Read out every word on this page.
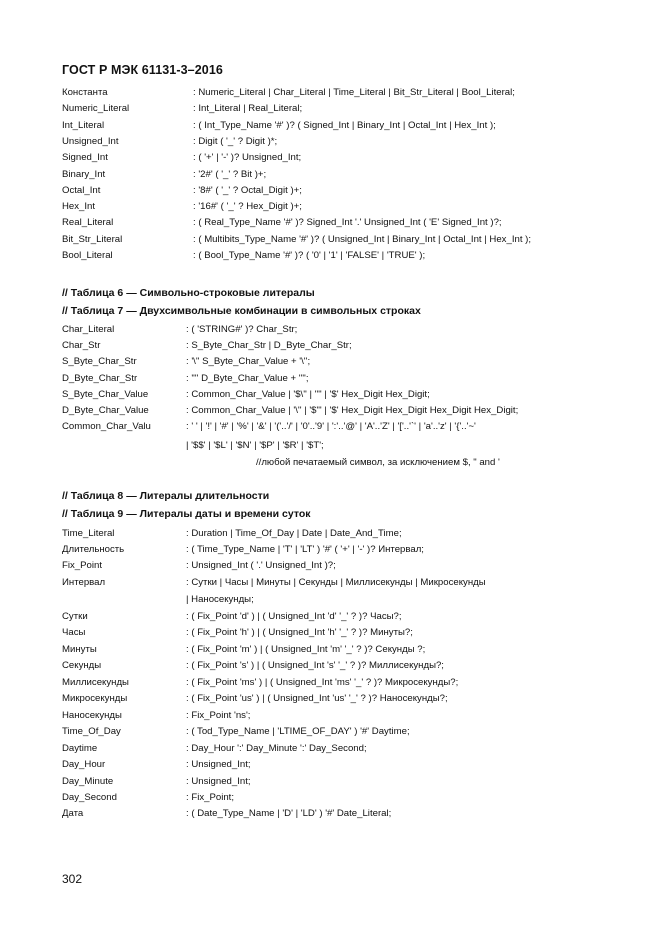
ГОСТ Р МЭК 61131-3–2016
Константа	: Numeric_Literal | Char_Literal | Time_Literal | Bit_Str_Literal | Bool_Literal;
Numeric_Literal	: Int_Literal | Real_Literal;
Int_Literal	: ( Int_Type_Name '#' )? ( Signed_Int | Binary_Int | Octal_Int | Hex_Int );
Unsigned_Int	: Digit ( '_' ? Digit )*;
Signed_Int	: ( '+' | '-' )? Unsigned_Int;
Binary_Int	: '2#' ( '_' ? Bit )+;
Octal_Int	: '8#' ( '_' ? Octal_Digit )+;
Hex_Int	: '16#' ( '_' ? Hex_Digit )+;
Real_Literal	: ( Real_Type_Name '#' )? Signed_Int '.' Unsigned_Int ( 'E' Signed_Int )?;
Bit_Str_Literal	: ( Multibits_Type_Name '#' )? ( Unsigned_Int | Binary_Int | Octal_Int | Hex_Int );
Bool_Literal	: ( Bool_Type_Name '#' )? ( '0' | '1' | 'FALSE' | 'TRUE' );
// Таблица 6 — Символьно-строковые литералы
// Таблица 7 — Двухсимвольные комбинации в символьных строках
Char_Literal	: ( 'STRING#' )? Char_Str;
Char_Str	: S_Byte_Char_Str | D_Byte_Char_Str;
S_Byte_Char_Str	: '\'' S_Byte_Char_Value + '\'';
D_Byte_Char_Str	: '"' D_Byte_Char_Value + '"';
S_Byte_Char_Value	: Common_Char_Value | '$\'' | '"' | '$' Hex_Digit Hex_Digit;
D_Byte_Char_Value	: Common_Char_Value | '\'' | '$"' | '$' Hex_Digit Hex_Digit Hex_Digit Hex_Digit;
Common_Char_Valu	: ' ' | '!' | '#' | '%' | '&' | '('..'/' | '0'..'9' | ':'..'@' | 'A'..'Z' | '['..'`' | 'a'..'z' | '{'..'~'
| '$$' | '$L' | '$N' | '$P' | '$R' | '$T';
//любой печатаемый символ, за исключением $, " and '
// Таблица 8 — Литералы длительности
// Таблица 9 — Литералы даты и времени суток
Time_Literal	: Duration | Time_Of_Day | Date | Date_And_Time;
Длительность	: ( Time_Type_Name | 'T' | 'LT' ) '#' ( '+' | '-' )? Интервал;
Fix_Point	: Unsigned_Int ( '.' Unsigned_Int )?;
Интервал	: Сутки | Часы | Минуты | Секунды | Миллисекунды | Микросекунды
| Наносекунды;
Сутки	: ( Fix_Point 'd' ) | ( Unsigned_Int 'd' '_' ? )? Часы?;
Часы	: ( Fix_Point 'h' ) | ( Unsigned_Int 'h' '_' ? )? Минуты?;
Минуты	: ( Fix_Point 'm' ) | ( Unsigned_Int 'm' '_' ? )? Секунды ?;
Секунды	: ( Fix_Point 's' ) | ( Unsigned_Int 's' '_' ? )? Миллисекунды?;
Миллисекунды	: ( Fix_Point 'ms' ) | ( Unsigned_Int 'ms' '_' ? )? Микросекунды?;
Микросекунды	: ( Fix_Point 'us' ) | ( Unsigned_Int 'us' '_' ? )? Наносекунды?;
Наносекунды	: Fix_Point 'ns';
Time_Of_Day	: ( Tod_Type_Name | 'LTIME_OF_DAY' ) '#' Daytime;
Daytime	: Day_Hour ':' Day_Minute ':' Day_Second;
Day_Hour	: Unsigned_Int;
Day_Minute	: Unsigned_Int;
Day_Second	: Fix_Point;
Дата	: ( Date_Type_Name | 'D' | 'LD' ) '#' Date_Literal;
302
